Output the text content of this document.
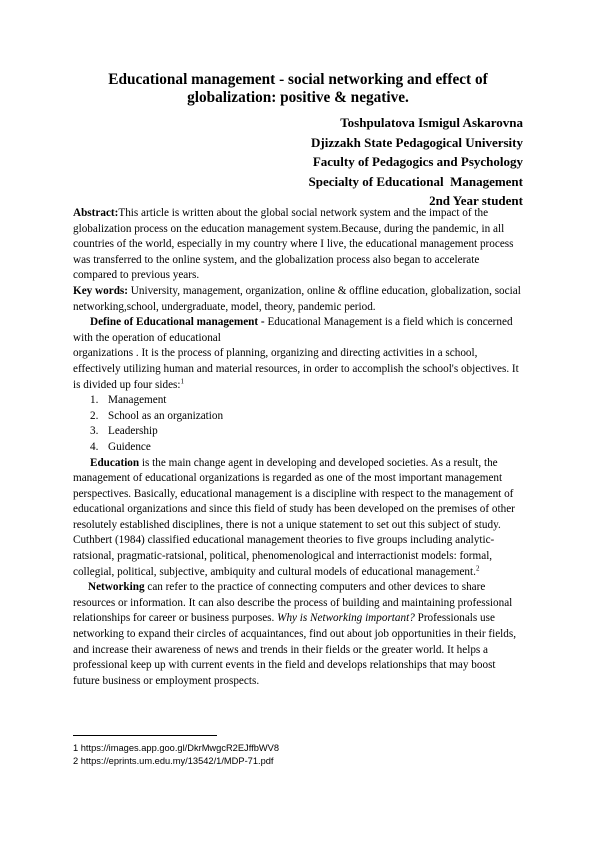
Educational management - social networking and effect of
globalization: positive & negative.
Toshpulatova Ismigul Askarovna
Djizzakh State Pedagogical University
Faculty of Pedagogics and Psychology
Specialty of Educational  Management
2nd Year student

Abstract:This article is written about the global social network system and the impact of the globalization process on the education management system.Because, during the pandemic, in all countries of the world, especially in my country where I live, the educational management process was transferred to the online system, and the globalization process also began to accelerate compared to previous years.

Key words: University, management, organization, online & offline education, globalization, social networking,school, undergraduate, model, theory, pandemic period.

Define of Educational management - Educational Management is a field which is concerned with the operation of educational

organizations . It is the process of planning, organizing and directing activities in a school, effectively utilizing human and material resources, in order to accomplish the school's objectives. It is divided up four sides:$^1$

1. Management
2. School as an organization
3. Leadership
4. Guidence

Education is the main change agent in developing and developed societies. As a result, the management of educational organizations is regarded as one of the most important management perspectives. Basically, educational management is a discipline with respect to the management of educational organizations and since this field of study has been developed on the premises of other resolutely established disciplines, there is not a unique statement to set out this subject of study. Cuthbert (1984) classified educational management theories to five groups including analytic-ratsional, pragmatic-ratsional, political, phenomenological and interractionist models: formal, collegial, political, subjective, ambiquity and cultural models of educational management.$^2$

Networking can refer to the practice of connecting computers and other devices to share resources or information. It can also describe the process of building and maintaining professional relationships for career or business purposes. Why is Networking important? Professionals use networking to expand their circles of acquaintances, find out about job opportunities in their fields, and increase their awareness of news and trends in their fields or the greater world. It helps a professional keep up with current events in the field and develops relationships that may boost future business or employment prospects.

1 https://images.app.goo.gl/DkrMwgcR2EJffbWV8
2 https://eprints.um.edu.my/13542/1/MDP-71.pdf
